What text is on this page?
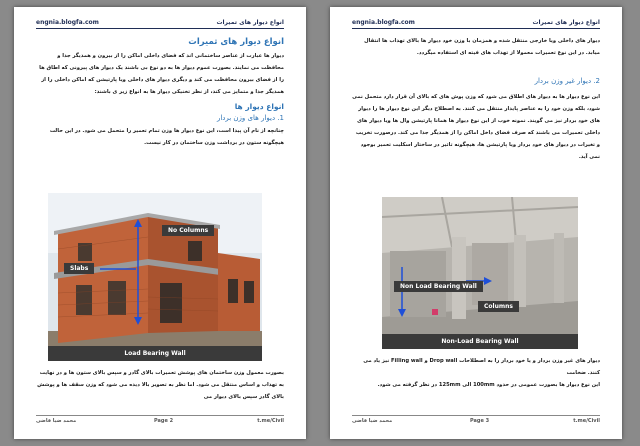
engnia.blogfa.com	انواع دیوار های تمیرات
انواع دیوار های ثمیرات
دیوار ها عبارت از عناصر ساختمانی اند که فضای داخلی اماکن را از بیرون و همدیگر جدا و محافظت می نمایند. بصورت عموم دیوار ها به دو نوع بی باشند یک دیوار های پیرونی که اطاق ها را از فضای بیرون محافظت می کند و دیگری دیوار های داخلی ویا پارتیشن که اماکن داخلی را از همدیگر جدا و متمایز می کند، از نظر تخنیکی دیوار ها به انواع زیر ی باشند:
انواع دیوار ها
1. دیوار های وزن بردار
چنانچه از نام آن پیدا است، این نوع دیوار ها وزن تمام تعمیر را متحمل می شود. در این حالت هیچگونه ستون در برداشت وزن ساختمان در کار نیست.
No Columns
Slabs
Load Bearing Wall
بصورت معمول وزن ساختمان های پوشش تعمیرات بالای گادر و سپس بالای ستون ها و در نهایت به تهداب و اساس منتقل می شود. اما نظر به تصویر بالا دیده می شود که وزن سقف ها و پوشش بالای گادر سپس بالای دیوار می
محمد ضیا قاضی	Page 2	t.me/Civil
engnia.blogfa.com	انواع دیوار های تمیرات
دیوار های داخلی ویا خارجی منتقل شده و همزمان با وزن خود دیوار ها بالای تهداب ها انتقال میابد. در این نوع تعمیرات معمولا از تهداب های فیته ای استفاده میگردد.
2. دیوار غیر وزن بردار
این نوع دیوار ها به دیوار های اطلاق می شود که وزن پوش های که بالای آن قرار دارد متحمل نمی شود، بلکه وزن خود را به عناصر پایدار منتقل می کنند. به اصطلاح دیگر این نوع دیوار ها را دیوار های خود بردار نیز می گویند. نمونه خوب از این نوع دیوار ها همانا پارتیشن وال ها ویا دیوار های داخلی تعمیرات می باشند که صرف فضای داخل اماکن را از همدیگر جدا می کند. درصورت تخریب و تغیرات در دیوار های خود بردار ویا پارتیشن ها، هیچگونه تاثیر در ساختار اسکلیت تعمیر بوجود نمی آید.
Non Load Bearing Wall
Columns
Non-Load Bearing Wall
دیوار های غیر وزن بردار و یا خود بردار را به اصطلاحات Drop wall و Filling wall نیز یاد می کنند. ضخامت
این نوع دیوار ها بصورت عمومی در حدود 100mm الی 125mm در نظر گرفته می شود.
محمد ضیا قاضی	Page 3	t.me/Civil
